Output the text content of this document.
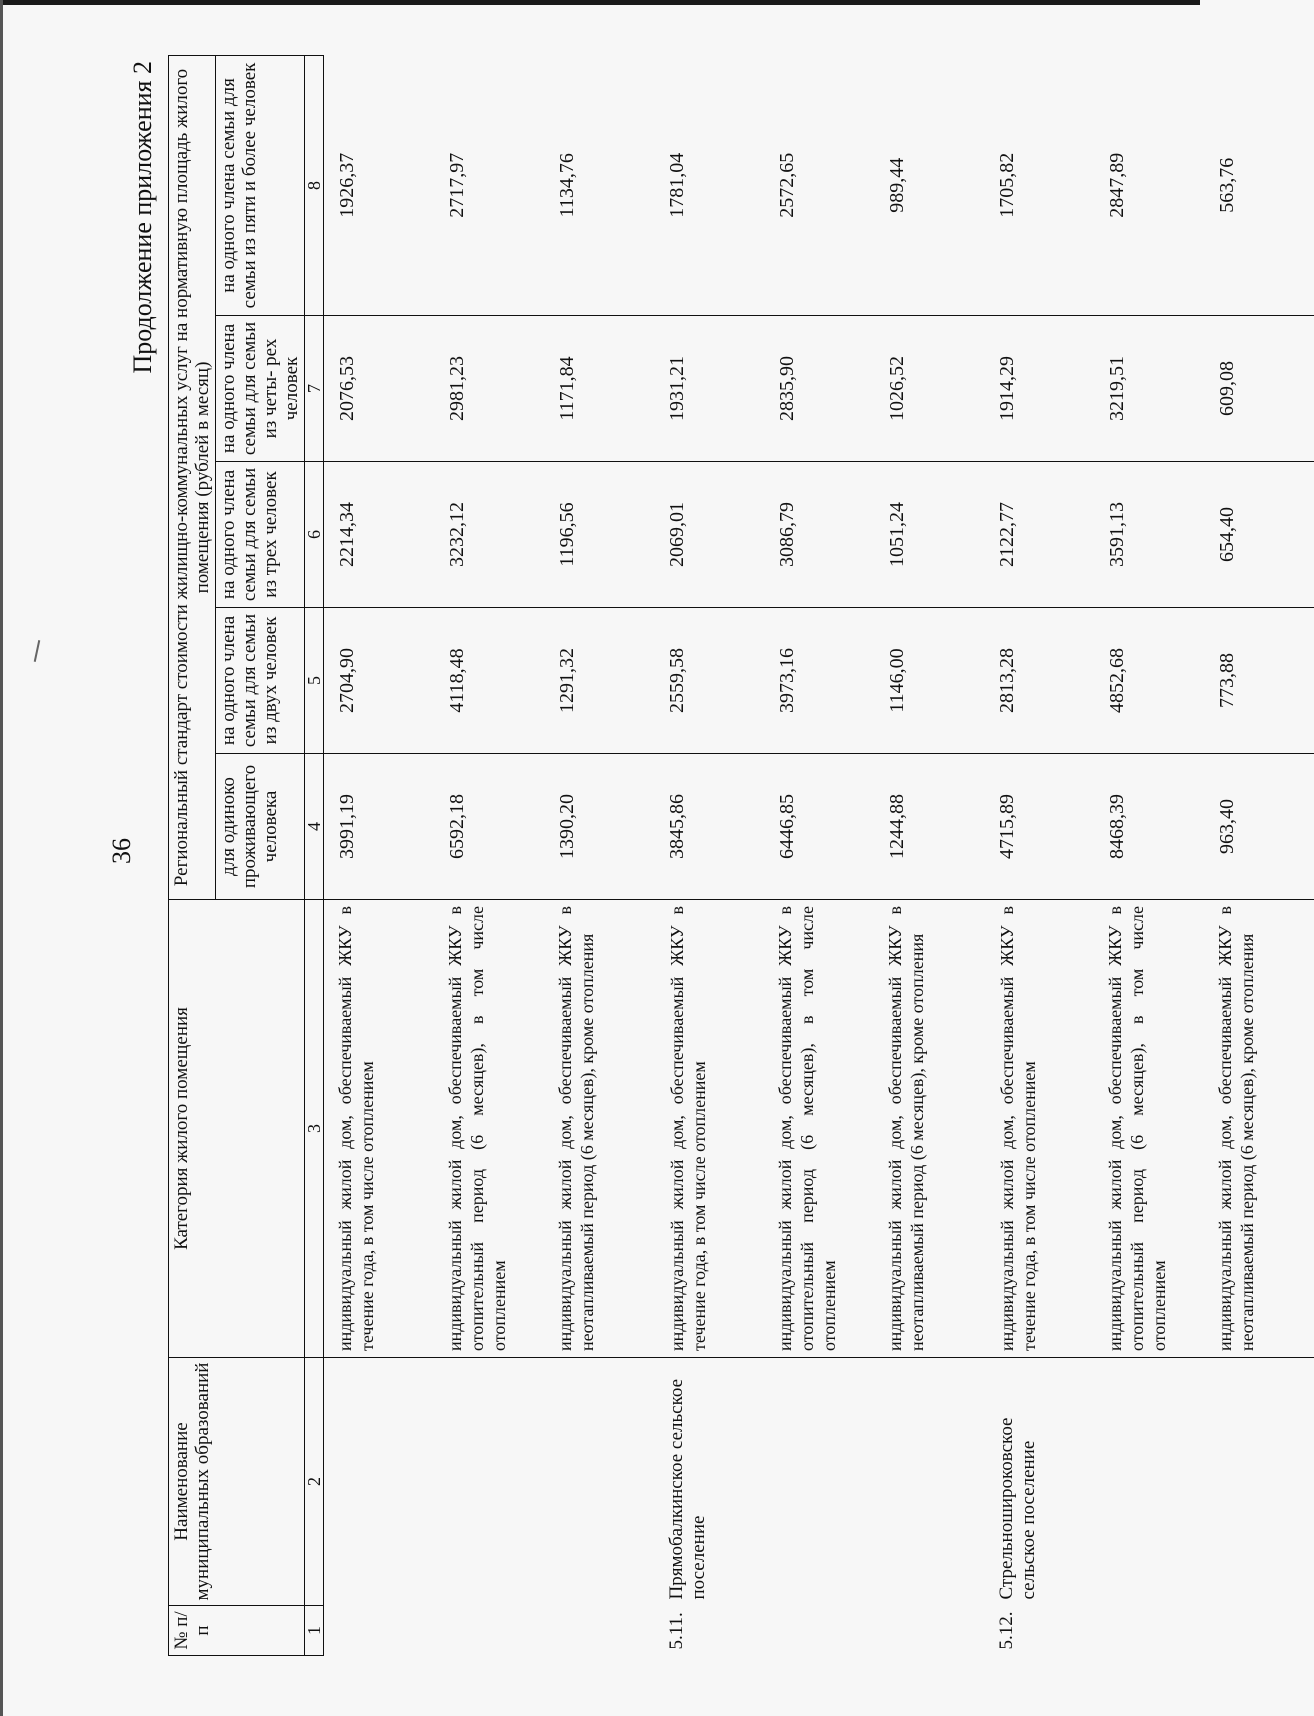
36
Продолжение приложения 2
№ п/п	Наименование муниципальных образований	Категория жилого помещения	Региональный стандарт стоимости жилищно-коммунальных услуг на нормативную площадь жилого помещения (рублей в месяц)				
			для одиноко проживающего человека	на одного члена семьи для семьи из двух человек	на одного члена семьи для семьи из трех человек	на одного члена семьи для семьи из четы- рех человек	на одного члена семьи для семьи из пяти и более человек
1	2	3	4	5	6	7	8
		индивидуальный жилой дом, обеспечиваемый ЖКУ в течение года, в том числе отоплением	3991,19	2704,90	2214,34	2076,53	1926,37
		индивидуальный жилой дом, обеспечиваемый ЖКУ в отопительный период (6 месяцев), в том числе отоплением	6592,18	4118,48	3232,12	2981,23	2717,97
		индивидуальный жилой дом, обеспечиваемый ЖКУ в неотапливаемый период (6 месяцев), кроме отопления	1390,20	1291,32	1196,56	1171,84	1134,76
5.11.	Прямобалкинское сельское поселение	индивидуальный жилой дом, обеспечиваемый ЖКУ в течение года, в том числе отоплением	3845,86	2559,58	2069,01	1931,21	1781,04
		индивидуальный жилой дом, обеспечиваемый ЖКУ в отопительный период (6 месяцев), в том числе отоплением	6446,85	3973,16	3086,79	2835,90	2572,65
		индивидуальный жилой дом, обеспечиваемый ЖКУ в неотапливаемый период (6 месяцев), кроме отопления	1244,88	1146,00	1051,24	1026,52	989,44
5.12.	Стрельноширoковское сельское поселение	индивидуальный жилой дом, обеспечиваемый ЖКУ в течение года, в том числе отоплением	4715,89	2813,28	2122,77	1914,29	1705,82
		индивидуальный жилой дом, обеспечиваемый ЖКУ в отопительный период (6 месяцев), в том числе отоплением	8468,39	4852,68	3591,13	3219,51	2847,89
		индивидуальный жилой дом, обеспечиваемый ЖКУ в неотапливаемый период (6 месяцев), кроме отопления	963,40	773,88	654,40	609,08	563,76
